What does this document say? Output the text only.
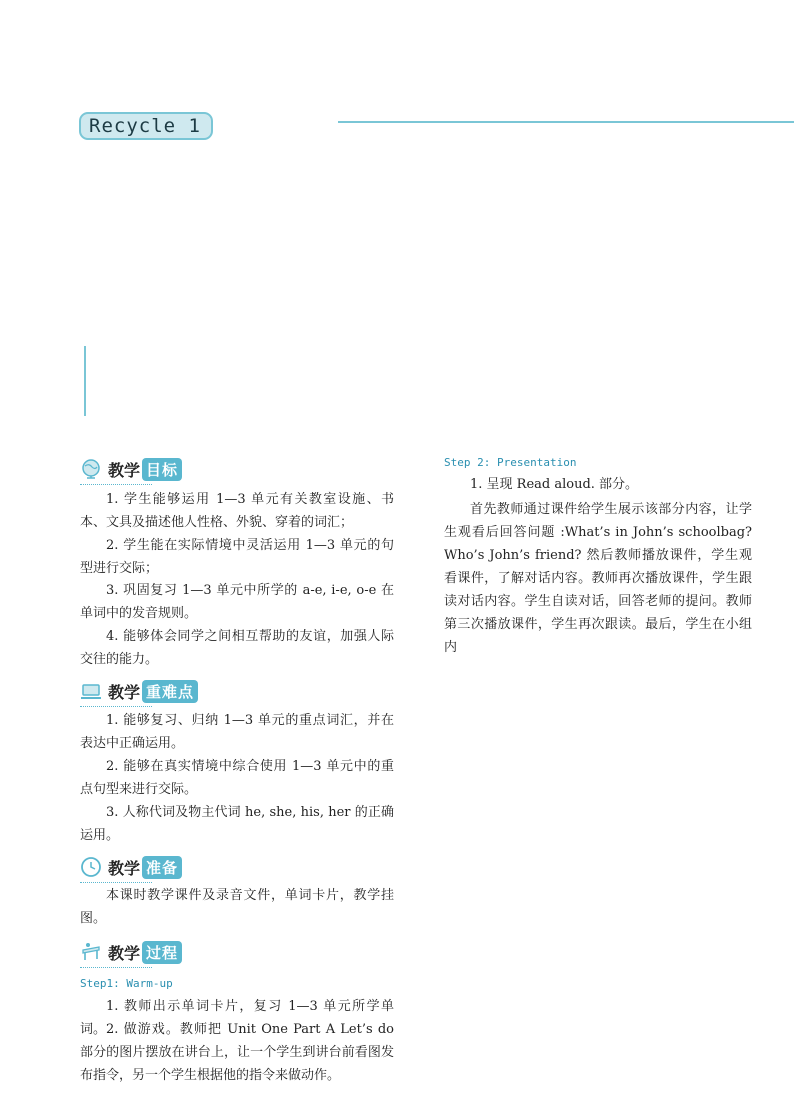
Recycle 1
教学 目标

1. 学生能够运用 1—3 单元有关教室设施、书本、文具及描述他人性格、外貌、穿着的词汇；

2. 学生能在实际情境中灵活运用 1—3 单元的句型进行交际；

3. 巩固复习 1—3 单元中所学的 a-e, i-e, o-e 在单词中的发音规则。

4. 能够体会同学之间相互帮助的友谊，加强人际交往的能力。

教学 重难点

1. 能够复习、归纳 1—3 单元的重点词汇，并在表达中正确运用。

2. 能够在真实情境中综合使用 1—3 单元中的重点句型来进行交际。

3. 人称代词及物主代词 he, she, his, her 的正确运用。

教学 准备

本课时教学课件及录音文件，单词卡片，教学挂图。

教学 过程
Step1: Warm-up

1. 教师出示单词卡片，复习 1—3 单元所学单词。 2. 做游戏。教师把 Unit One Part A Let’s do 部分的图片摆放在讲台上，让一个学生到讲台前看图发布指令，另一个学生根据他的指令来做动作。

Step 2: Presentation

1. 呈现 Read aloud. 部分。

首先教师通过课件给学生展示该部分内容，让学生观看后回答问题 :What’s in John’s schoolbag? Who’s John’s friend? 然后教师播放课件，学生观看课件，了解对话内容。教师再次播放课件，学生跟读对话内容。学生自读对话，回答老师的提问。教师第三次播放课件，学生再次跟读。最后，学生在小组内
